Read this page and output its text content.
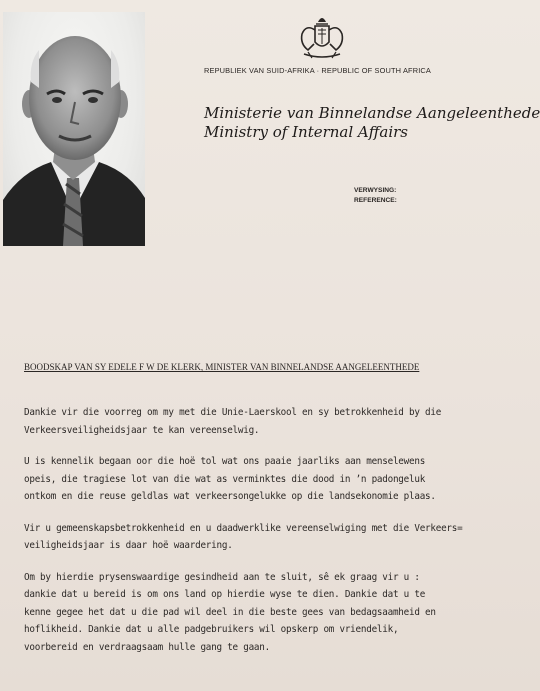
REPUBLIEK VAN SUID-AFRIKA · REPUBLIC OF SOUTH AFRICA
Ministerie van Binnelandse Aangeleenthede
Ministry of Internal Affairs
VERWYSING:
REFERENCE:
BOODSKAP VAN SY EDELE F W DE KLERK, MINISTER VAN BINNELANDSE AANGELEENTHEDE

Dankie vir die voorreg om my met die Unie-Laerskool en sy betrokkenheid by die
Verkeersveiligheidsjaar te kan vereenselwig.

U is kennelik begaan oor die hoë tol wat ons paaie jaarliks aan menselewens
opeis, die tragiese lot van die wat as verminktes die dood in ʼn padongeluk
ontkom en die reuse geldlas wat verkeersongelukke op die landsekonomie plaas.

Vir u gemeenskapsbetrokkenheid en u daadwerklike vereenselwiging met die Verkeers=
veiligheidsjaar is daar hoë waardering.

Om by hierdie prysenswaardige gesindheid aan te sluit, sê ek graag vir u :
dankie dat u bereid is om ons land op hierdie wyse te dien. Dankie dat u te
kenne gegee het dat u die pad wil deel in die beste gees van bedagsaamheid en
hoflikheid. Dankie dat u alle padgebruikers wil opskerp om vriendelik,
voorbereid en verdraagsaam hulle gang te gaan.
